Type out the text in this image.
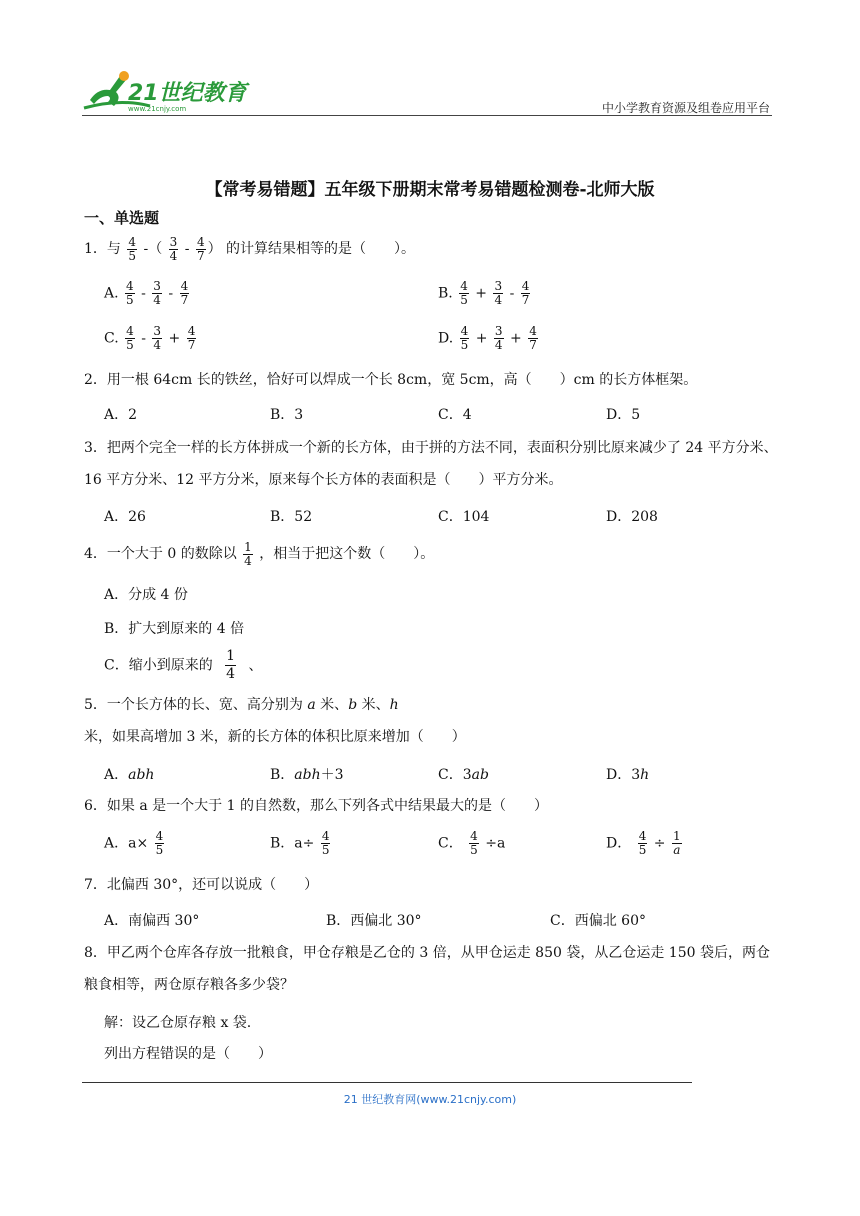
21世纪教育
www.21cnjy.com	中小学教育资源及组卷应用平台
【常考易错题】五年级下册期末常考易错题检测卷-北师大版
一、单选题
1．与 $\frac{4}{5}$ -（ $\frac{3}{4} - \frac{4}{7}$ ） 的计算结果相等的是（　　）。
A. $\frac{4}{5} - \frac{3}{4} - \frac{4}{7}$	B. $\frac{4}{5} + \frac{3}{4} - \frac{4}{7}$
C. $\frac{4}{5} - \frac{3}{4} + \frac{4}{7}$	D. $\frac{4}{5} + \frac{3}{4} + \frac{4}{7}$
2．用一根 64cm 长的铁丝，恰好可以焊成一个长 8cm，宽 5cm，高（　　）cm 的长方体框架。
A．2	B．3	C．4	D．5
3．把两个完全一样的长方体拼成一个新的长方体，由于拼的方法不同，表面积分别比原来减少了 24 平方分米、16 平方分米、12 平方分米，原来每个长方体的表面积是（　　）平方分米。
A．26	B．52	C．104	D．208
4．一个大于 0 的数除以 $\frac{1}{4}$ ，相当于把这个数（　　）。
A．分成 4 份
B．扩大到原来的 4 倍
C．缩小到原来的 $\frac{1}{4}$ 、
5．一个长方体的长、宽、高分别为 a 米、b 米、h 米，如果高增加 3 米，新的长方体的体积比原来增加（　　）
A．abh	B．abh＋3	C．3ab	D．3h
6．如果 a 是一个大于 1 的自然数，那么下列各式中结果最大的是（　　）
A．$a\times \frac{4}{5}$	B．$a\div \frac{4}{5}$	C． $\frac{4}{5} \div a$	D． $\frac{4}{5} \div \frac{1}{a}$
7．北偏西 30°，还可以说成（　　）
A．南偏西 30°	B．西偏北 30°	C．西偏北 60°
8．甲乙两个仓库各存放一批粮食，甲仓存粮是乙仓的 3 倍，从甲仓运走 850 袋，从乙仓运走 150 袋后，两仓粮食相等，两仓原存粮各多少袋？
解：设乙仓原存粮 x 袋.
列出方程错误的是（　　）
21 世纪教育网(www.21cnjy.com)
